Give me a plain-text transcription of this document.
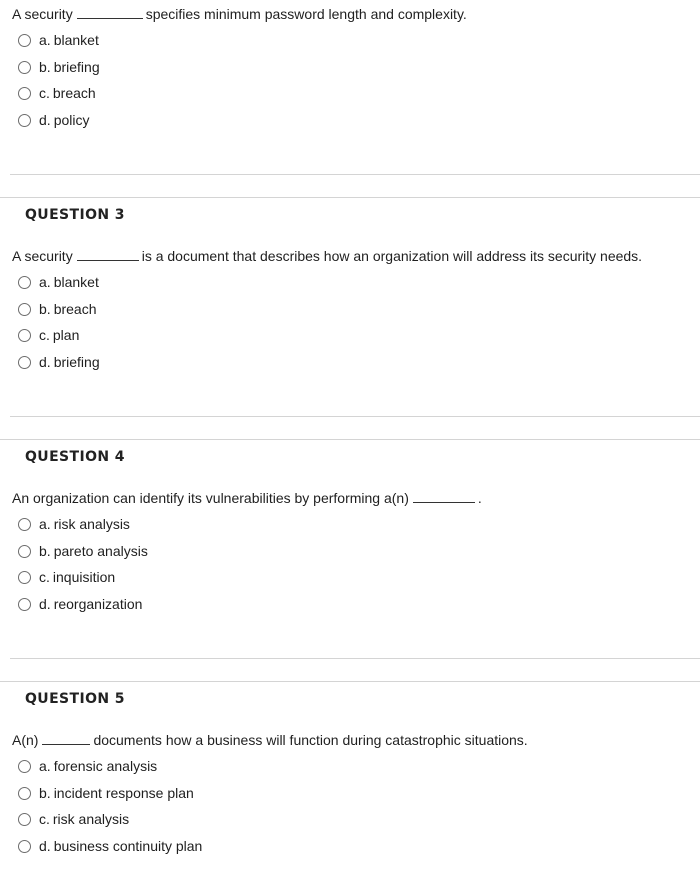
A security	specifies minimum password length and complexity.
a. blanket
b. briefing
c. breach
d. policy
QUESTION 3
A security	is a document that describes how an organization will address its security needs.
a. blanket
b. breach
c. plan
d. briefing
QUESTION 4
An organization can identify its vulnerabilities by performing a(n)	.
a. risk analysis
b. pareto analysis
c. inquisition
d. reorganization
QUESTION 5
A(n)	documents how a business will function during catastrophic situations.
a. forensic analysis
b. incident response plan
c. risk analysis
d. business continuity plan
